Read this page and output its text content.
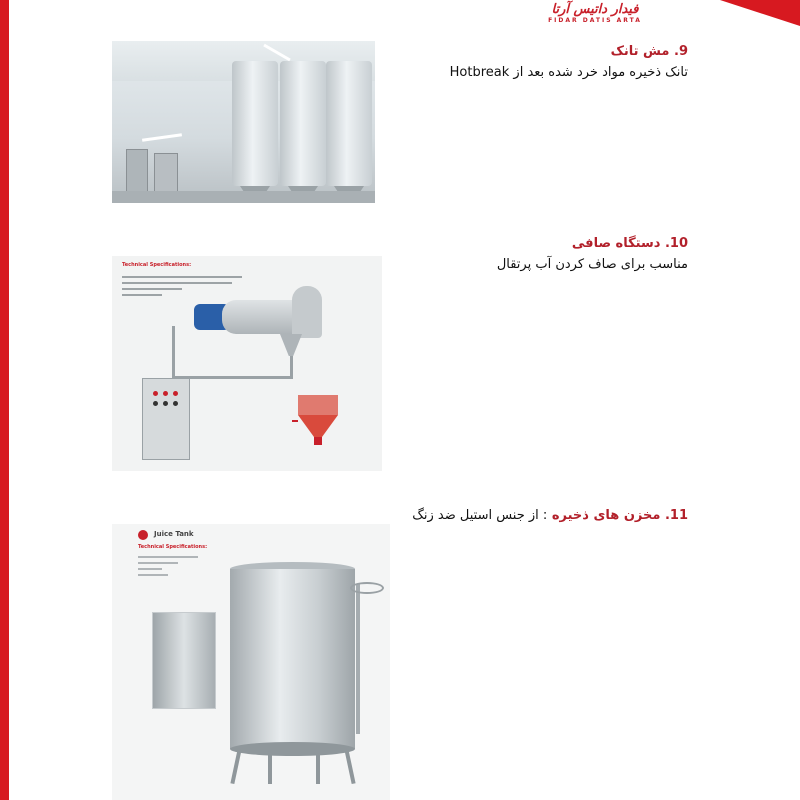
فیدار داتیس آرتا
FIDAR DATIS ARTA
9. مش تانک
تانک ذخیره مواد خرد شده بعد از Hotbreak
Technical Specifications:
10. دستگاه صافی
مناسب برای صاف کردن آب پرتقال
Juice Tank
Technical Specifications:
11. مخزن های ذخیره : از جنس استیل ضد زنگ
